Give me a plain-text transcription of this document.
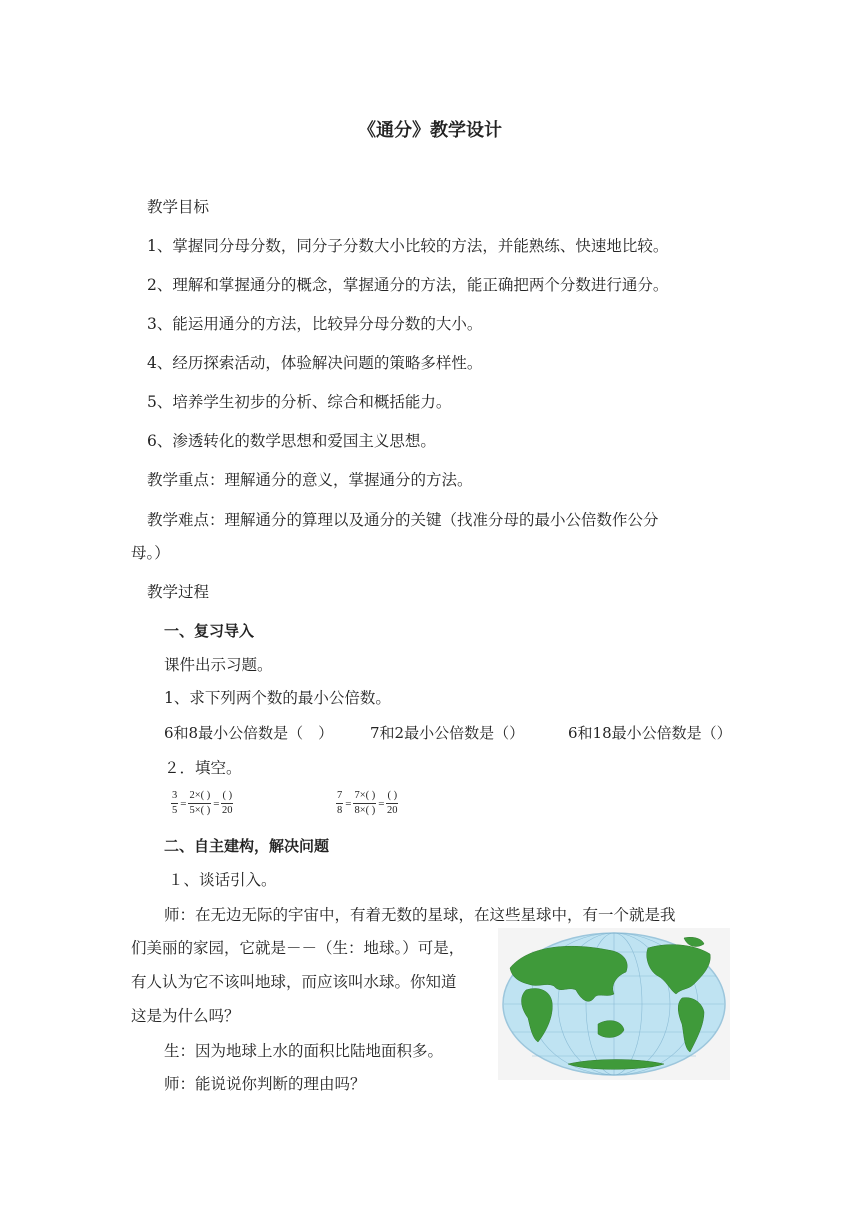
《通分》教学设计
教学目标
1、掌握同分母分数，同分子分数大小比较的方法，并能熟练、快速地比较。
2、理解和掌握通分的概念，掌握通分的方法，能正确把两个分数进行通分。
3、能运用通分的方法，比较异分母分数的大小。
4、经历探索活动，体验解决问题的策略多样性。
5、培养学生初步的分析、综合和概括能力。
6、渗透转化的数学思想和爱国主义思想。
教学重点：理解通分的意义，掌握通分的方法。
教学难点：理解通分的算理以及通分的关键（找准分母的最小公倍数作公分
母。）
教学过程
一、复习导入
课件出示习题。
1、求下列两个数的最小公倍数。
6和8最小公倍数是（　） 7和2最小公倍数是（）	6和18最小公倍数是（）
２．填空。
$\frac{3}{5} = \frac{2\times( )}{5\times( )} = \frac{( )}{20}$	$\frac{7}{8} = \frac{7\times( )}{8\times( )} = \frac{( )}{20}$
二、自主建构，解决问题
１、谈话引入。
师：在无边无际的宇宙中，有着无数的星球，在这些星球中，有一个就是我
们美丽的家园，它就是－－（生：地球。）可是，
有人认为它不该叫地球，而应该叫水球。你知道
这是为什么吗？
生：因为地球上水的面积比陆地面积多。
师：能说说你判断的理由吗？
